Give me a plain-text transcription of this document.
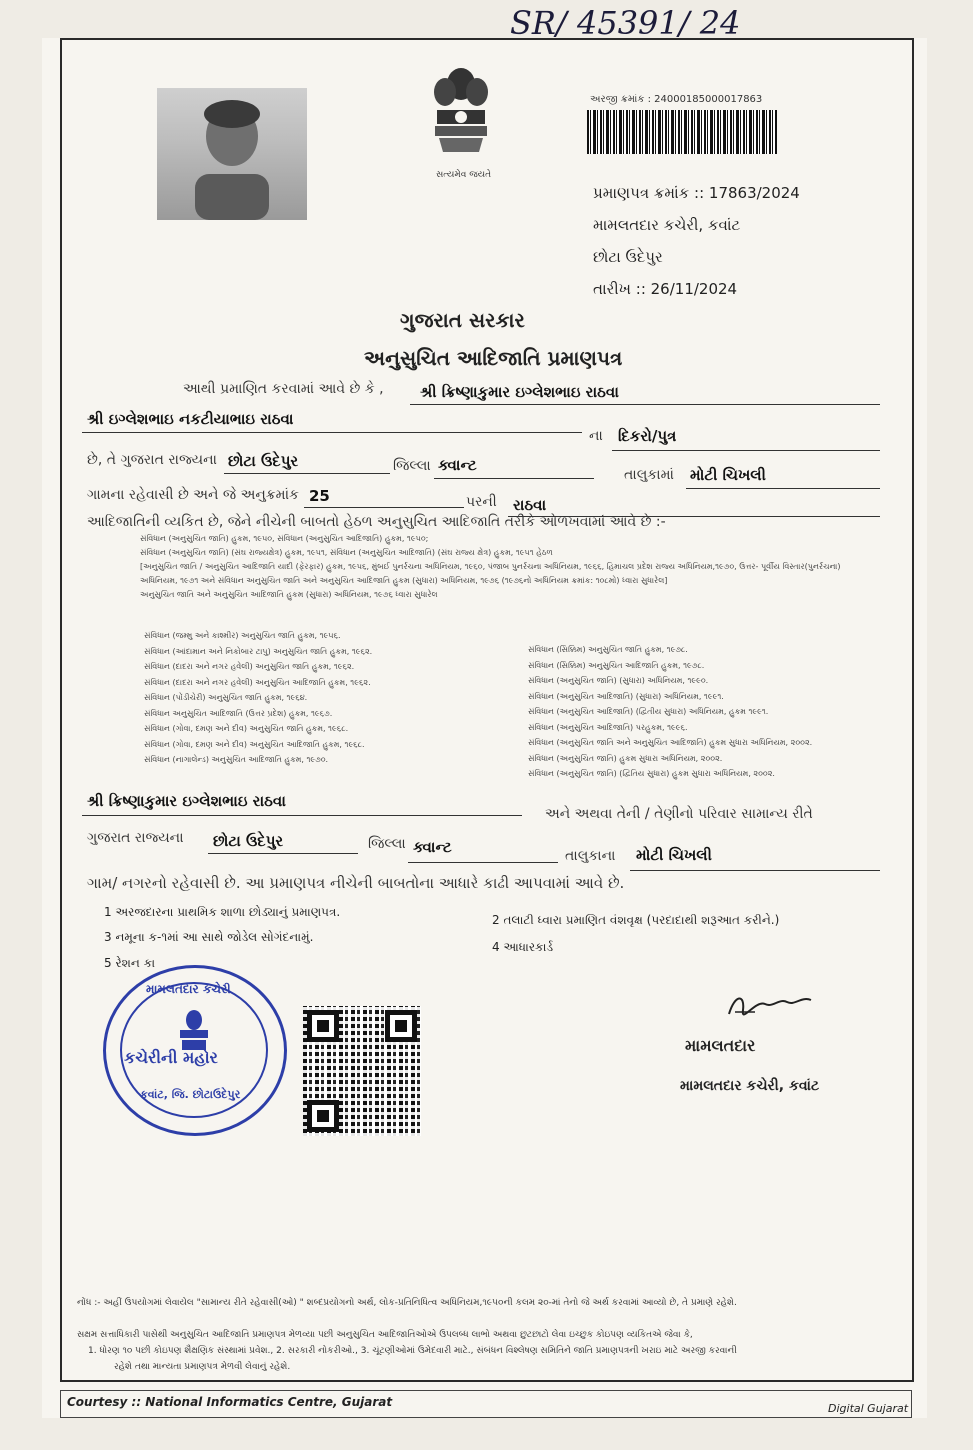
SR/ 45391/ 24
સત્યમેવ જયતે
અરજી ક્રમાંક : 24000185000017863
પ્રમાણપત્ર ક્રમાંક :: 17863/2024
મામલતદાર કચેરી, કવાંટ
છોટા ઉદેપુર
તારીખ :: 26/11/2024
ગુજરાત સરકાર
અનુસુચિત આદિજાતિ પ્રમાણપત્ર
આથી પ્રમાણિત કરવામાં આવે છે કે , શ્રી ક્રિષ્ણાકુમાર ઇગ્લેશભાઇ રાઠવા
શ્રી ઇગ્લેશભાઇ નકટીયાભાઇ રાઠવા
ના દિકરો/પુત્ર
છે, તે ગુજરાત રાજ્યના છોટા ઉદેપુર	જિલ્લા ક્વાન્ટ
તાલુકામાં મોટી ચિખલી
ગામના રહેવાસી છે અને જે અનુક્રમાંક 25	પરની રાઠવા
આદિજાતિની વ્યકિત છે, જેને નીચેની બાબતો હેઠળ અનુસુચિત આદિજાતિ તરીકે ઓળખવામાં આવે છે :-
સંવિધાન (અનુસુચિત જાતિ) હુકમ, ૧૯૫૦, સંવિધાન (અનુસુચિત આદિજાતિ) હુકમ, ૧૯૫૦;
સંવિધાન (અનુસુચિત જાતિ) (સંઘ રાજ્યક્ષેત્ર) હુકમ, ૧૯૫૧, સંવિધાન (અનુસુચિત આદિજાતિ) (સંઘ રાજ્ય ક્ષેત્ર) હુકમ, ૧૯૫૧ હેઠળ
[અનુસુચિત જાતિ / અનુસુચિત આદિજાતિ યાદી (ફેરફાર) હુકમ, ૧૯૫૬, મુંબઈ પુનર્રચના અધિનિયમ, ૧૯૬૦, પંજાબ પુનર્રચના અધિનિયમ, ૧૯૬૬, હિમાચલ પ્રદેશ રાજ્ય અધિનિયમ,૧૯૭૦, ઉત્તર- પૂર્વીય વિસ્તાર(પુનર્રચના)
અધિનિયમ, ૧૯૭૧ અને સંવિધાન અનુસુચિત જાતિ અને અનુસુચિત આદિજાતિ હુકમ (સુધારા) અધિનિયમ, ૧૯૭૬ (૧૯૭૬નો અધિનિયમ ક્રમાંક: ૧૦૮મો) ધ્વારા સુધારેલ]
અનુસુચિત જાતિ અને અનુસુચિત આદિજાતિ હુકમ (સુધારા) અધિનિયમ, ૧૯૭૬ ધ્વારા સુધારેલ
સંવિધાન (જમ્મુ અને કાશ્મીર) અનુસુચિત જાતિ હુકમ, ૧૯૫૬.
સંવિધાન (આંદામાન અને નિકોબાર ટાપુ) અનુસુચિત જાતિ હુકમ, ૧૯૬૨.
સંવિધાન (દાદરા અને નગર હવેલી) અનુસુચિત જાતિ હુકમ, ૧૯૬૨.
સંવિધાન (દાદરા અને નગર હવેલી) અનુસુચિત આદિજાતિ હુકમ, ૧૯૬૨.
સંવિધાન (પોંડીચેરી) અનુસુચિત જાતિ હુકમ, ૧૯૬૪.
સંવિધાન અનુસુચિત આદિજાતિ (ઉત્તર પ્રદેશ) હુકમ, ૧૯૬૭.
સંવિધાન (ગોવા, દમણ અને દીવ) અનુસુચિત જાતિ હુકમ, ૧૯૬૮.
સંવિધાન (ગોવા, દમણ અને દીવ) અનુસુચિત આદિજાતિ હુકમ, ૧૯૬૮.
સંવિધાન (નાગાલેન્ડ) અનુસુચિત આદિજાતિ હુકમ, ૧૯૭૦.
સંવિધાન (સિક્કિમ) અનુસુચિત જાતિ હુકમ, ૧૯૭૮.
સંવિધાન (સિક્કિમ) અનુસુચિત આદિજાતિ હુકમ, ૧૯૭૮.
સંવિધાન (અનુસુચિત જાતિ) (સુધારા) અધિનિયમ, ૧૯૯૦.
સંવિધાન (અનુસુચિત આદિજાતિ) (સુધારા) અધિનિયમ, ૧૯૯૧.
સંવિધાન (અનુસુચિત આદિજાતિ) (દ્વિતીય સુધારા) અધિનિયમ, હુકમ ૧૯૯૧.
સંવિધાન (અનુસુચિત આદિજાતિ) પરહુકમ, ૧૯૯૬.
સંવિધાન (અનુસુચિત જાતિ અને અનુસુચિત આદિજાતિ) હુકમ સુધારા અધિનિયમ, ૨૦૦૨.
સંવિધાન (અનુસુચિત જાતિ) હુકમ સુધારા અધિનિયમ, ૨૦૦૨.
સંવિધાન (અનુસુચિત જાતિ) (દ્વિતિય સુધારા) હુકમ સુધારા અધિનિયમ, ૨૦૦૨.
શ્રી ક્રિષ્ણાકુમાર ઇગ્લેશભાઇ રાઠવા
અને અથવા તેની / તેણીનો પરિવાર સામાન્ય રીતે
ગુજરાત રાજ્યના છોટા ઉદેપુર	જિલ્લા ક્વાન્ટ	તાલુકાના મોટી ચિખલી
ગામ/ નગરનો રહેવાસી છે. આ પ્રમાણપત્ર નીચેની બાબતોના આધારે કાઢી આપવામાં આવે છે.
1 અરજદારના પ્રાથમિક શાળા છોડ્યાનું પ્રમાણપત્ર.
2 તલાટી ધ્વારા પ્રમાણિત વંશવૃક્ષ (પરદાદાથી શરૂઆત કરીને.)
3 નમૂના ક-૧માં આ સાથે જોડેલ સોગંદનામું.
4 આધારકાર્ડ
5 રેશન કા
મામલતદાર કચેરી
કચેરીની મહોર
કવાંટ, જિ. છોટાઉદેપુર
મામલતદાર
મામલતદાર કચેરી, કવાંટ
નોંધ :- અહીં ઉપયોગમાં લેવાયેલ "સામાન્ય રીતે રહેવાસી(ઓ) " શબ્દપ્રયોગનો અર્થ, લોક-પ્રતિનિધિત્વ અધિનિયમ,૧૯૫૦ની કલમ ૨૦-માં તેનો જે અર્થ કરવામાં આવ્યો છે, તે પ્રમાણે રહેશે.
સક્ષમ સત્તાધિકારી પાસેથી અનુસુચિત આદિજાતિ પ્રમાણપત્ર મેળવ્યા પછી અનુસુચિત આદિજાતિઓએ ઉપલબ્ધ લાભો અથવા છુટછાટો લેવા ઇચ્છુક કોઇપણ વ્યકિતએ જેવા કે,
1. ધોરણ ૧૦ પછી કોઇપણ શૈક્ષણિક સંસ્થામાં પ્રવેશ., 2. સરકારી નોકરીઓ., 3. ચૂંટણીઓમાં ઉમેદવારી માટે., સંબંધન વિશ્લેષણ સમિતિને જાતિ પ્રમાણપત્રની ખરાઇ માટે અરજી કરવાની
રહેશે તથા માન્યતા પ્રમાણપત્ર મેળવી લેવાનું રહેશે.
Courtesy :: National Informatics Centre, Gujarat	Digital Gujarat
